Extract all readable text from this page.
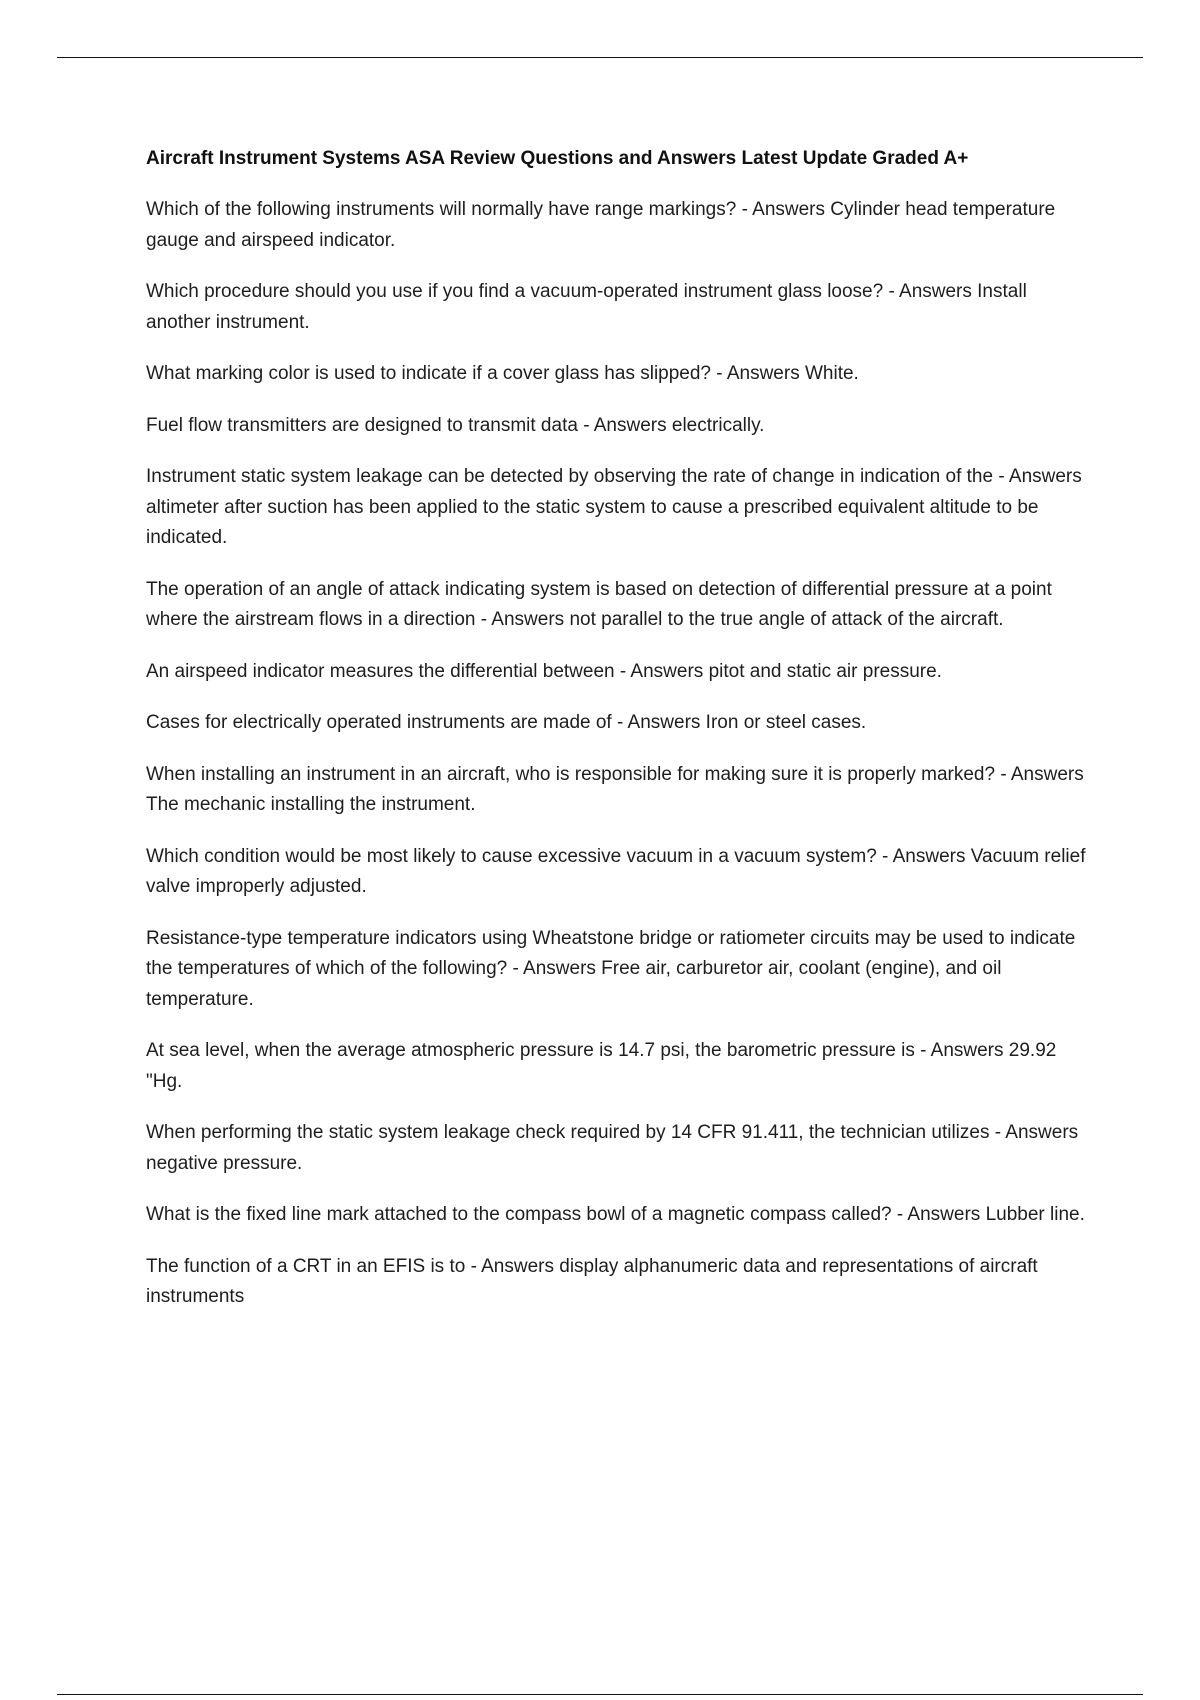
Aircraft Instrument Systems ASA Review Questions and Answers Latest Update Graded A+

Which of the following instruments will normally have range markings? - Answers Cylinder head temperature gauge and airspeed indicator.

Which procedure should you use if you find a vacuum-operated instrument glass loose? - Answers Install another instrument.

What marking color is used to indicate if a cover glass has slipped? - Answers White.

Fuel flow transmitters are designed to transmit data - Answers electrically.

Instrument static system leakage can be detected by observing the rate of change in indication of the - Answers altimeter after suction has been applied to the static system to cause a prescribed equivalent altitude to be indicated.

The operation of an angle of attack indicating system is based on detection of differential pressure at a point where the airstream flows in a direction - Answers not parallel to the true angle of attack of the aircraft.

An airspeed indicator measures the differential between - Answers pitot and static air pressure.

Cases for electrically operated instruments are made of - Answers Iron or steel cases.

When installing an instrument in an aircraft, who is responsible for making sure it is properly marked? - Answers The mechanic installing the instrument.

Which condition would be most likely to cause excessive vacuum in a vacuum system? - Answers Vacuum relief valve improperly adjusted.

Resistance-type temperature indicators using Wheatstone bridge or ratiometer circuits may be used to indicate the temperatures of which of the following? - Answers Free air, carburetor air, coolant (engine), and oil temperature.

At sea level, when the average atmospheric pressure is 14.7 psi, the barometric pressure is - Answers 29.92 "Hg.

When performing the static system leakage check required by 14 CFR 91.411, the technician utilizes - Answers negative pressure.

What is the fixed line mark attached to the compass bowl of a magnetic compass called? - Answers Lubber line.

The function of a CRT in an EFIS is to - Answers display alphanumeric data and representations of aircraft instruments
